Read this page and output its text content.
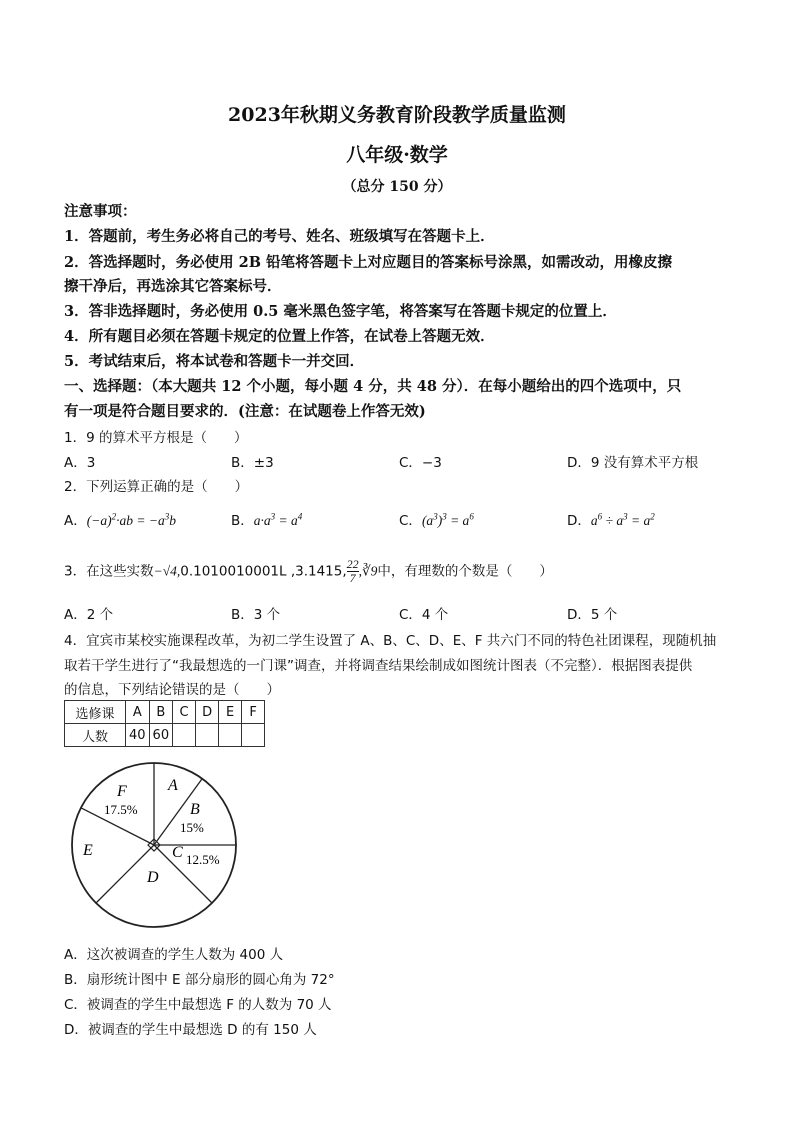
2023年秋期义务教育阶段教学质量监测
八年级·数学
（总分 150 分）
注意事项：
1．答题前，考生务必将自己的考号、姓名、班级填写在答题卡上．
2．答选择题时，务必使用 2B 铅笔将答题卡上对应题目的答案标号涂黑，如需改动，用橡皮擦
擦干净后，再选涂其它答案标号．
3．答非选择题时，务必使用 0.5 毫米黑色签字笔，将答案写在答题卡规定的位置上．
4．所有题目必须在答题卡规定的位置上作答，在试卷上答题无效．
5．考试结束后，将本试卷和答题卡一并交回．
一、选择题：（本大题共 12 个小题，每小题 4 分，共 48 分）．在每小题给出的四个选项中，只
有一项是符合题目要求的．(注意：在试题卷上作答无效)
1．9 的算术平方根是（　　）
A．3	B．±3	C．−3	D．9 没有算术平方根
2．下列运算正确的是（　　）
A．$(-a)^2\cdot ab = -a^3b$	B．$a\cdot a^3 = a^4$	C．$(a^3)^3 = a^6$	D．$a^6 \div a^3 = a^2$
3．在这些实数−√4,0.1010010001L ,3.1415, $\frac{22}{7}$ ,∛9中，有理数的个数是（　　）
A．2 个	B．3 个	C．4 个	D．5 个
4．宜宾市某校实施课程改革，为初二学生设置了 A、B、C、D、E、F 共六门不同的特色社团课程，现随机抽
取若干学生进行了“我最想选的一门课”调查，并将调查结果绘制成如图统计图表（不完整）．根据图表提供
的信息，下列结论错误的是（　　）
选修课	A	B	C	D	E	F
人数	40	60				
A
B
15%
C 12.5%
D
E
F
17.5%
A．这次被调查的学生人数为 400 人
B．扇形统计图中 E 部分扇形的圆心角为 72°
C．被调查的学生中最想选 F 的人数为 70 人
D．被调查的学生中最想选 D 的有 150 人
